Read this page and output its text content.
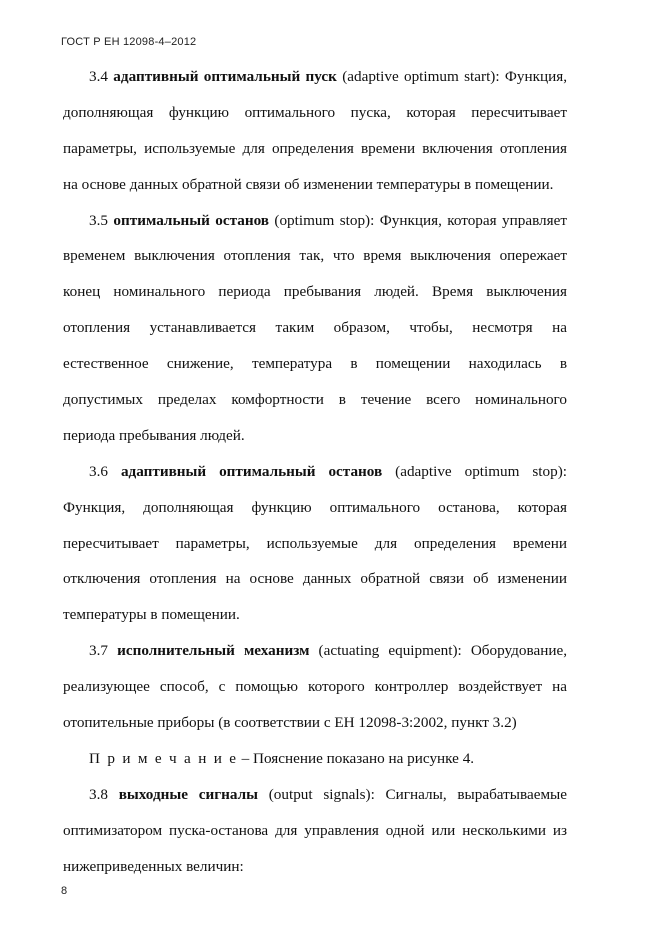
ГОСТ Р ЕН 12098-4–2012

3.4 адаптивный оптимальный пуск (adaptive optimum start): Функция,
дополняющая функцию оптимального пуска, которая пересчитывает
параметры, используемые для определения времени включения отопления
на основе данных обратной связи об изменении температуры в помещении.

3.5 оптимальный останов (optimum stop): Функция, которая управляет
временем выключения отопления так, что время выключения опережает
конец номинального периода пребывания людей. Время выключения
отопления устанавливается таким образом, чтобы, несмотря на
естественное снижение, температура в помещении находилась в
допустимых пределах комфортности в течение всего номинального
периода пребывания людей.

3.6 адаптивный оптимальный останов (adaptive optimum stop):
Функция, дополняющая функцию оптимального останова, которая
пересчитывает параметры, используемые для определения времени
отключения отопления на основе данных обратной связи об изменении
температуры в помещении.

3.7 исполнительный механизм (actuating equipment): Оборудование,
реализующее способ, с помощью которого контроллер воздействует на
отопительные приборы (в соответствии с ЕН 12098-3:2002, пункт 3.2)

П р и м е ч а н и е – Пояснение показано на рисунке 4.

3.8 выходные сигналы (output signals): Сигналы, вырабатываемые
оптимизатором пуска-останова для управления одной или несколькими из
нижеприведенных величин:

8
